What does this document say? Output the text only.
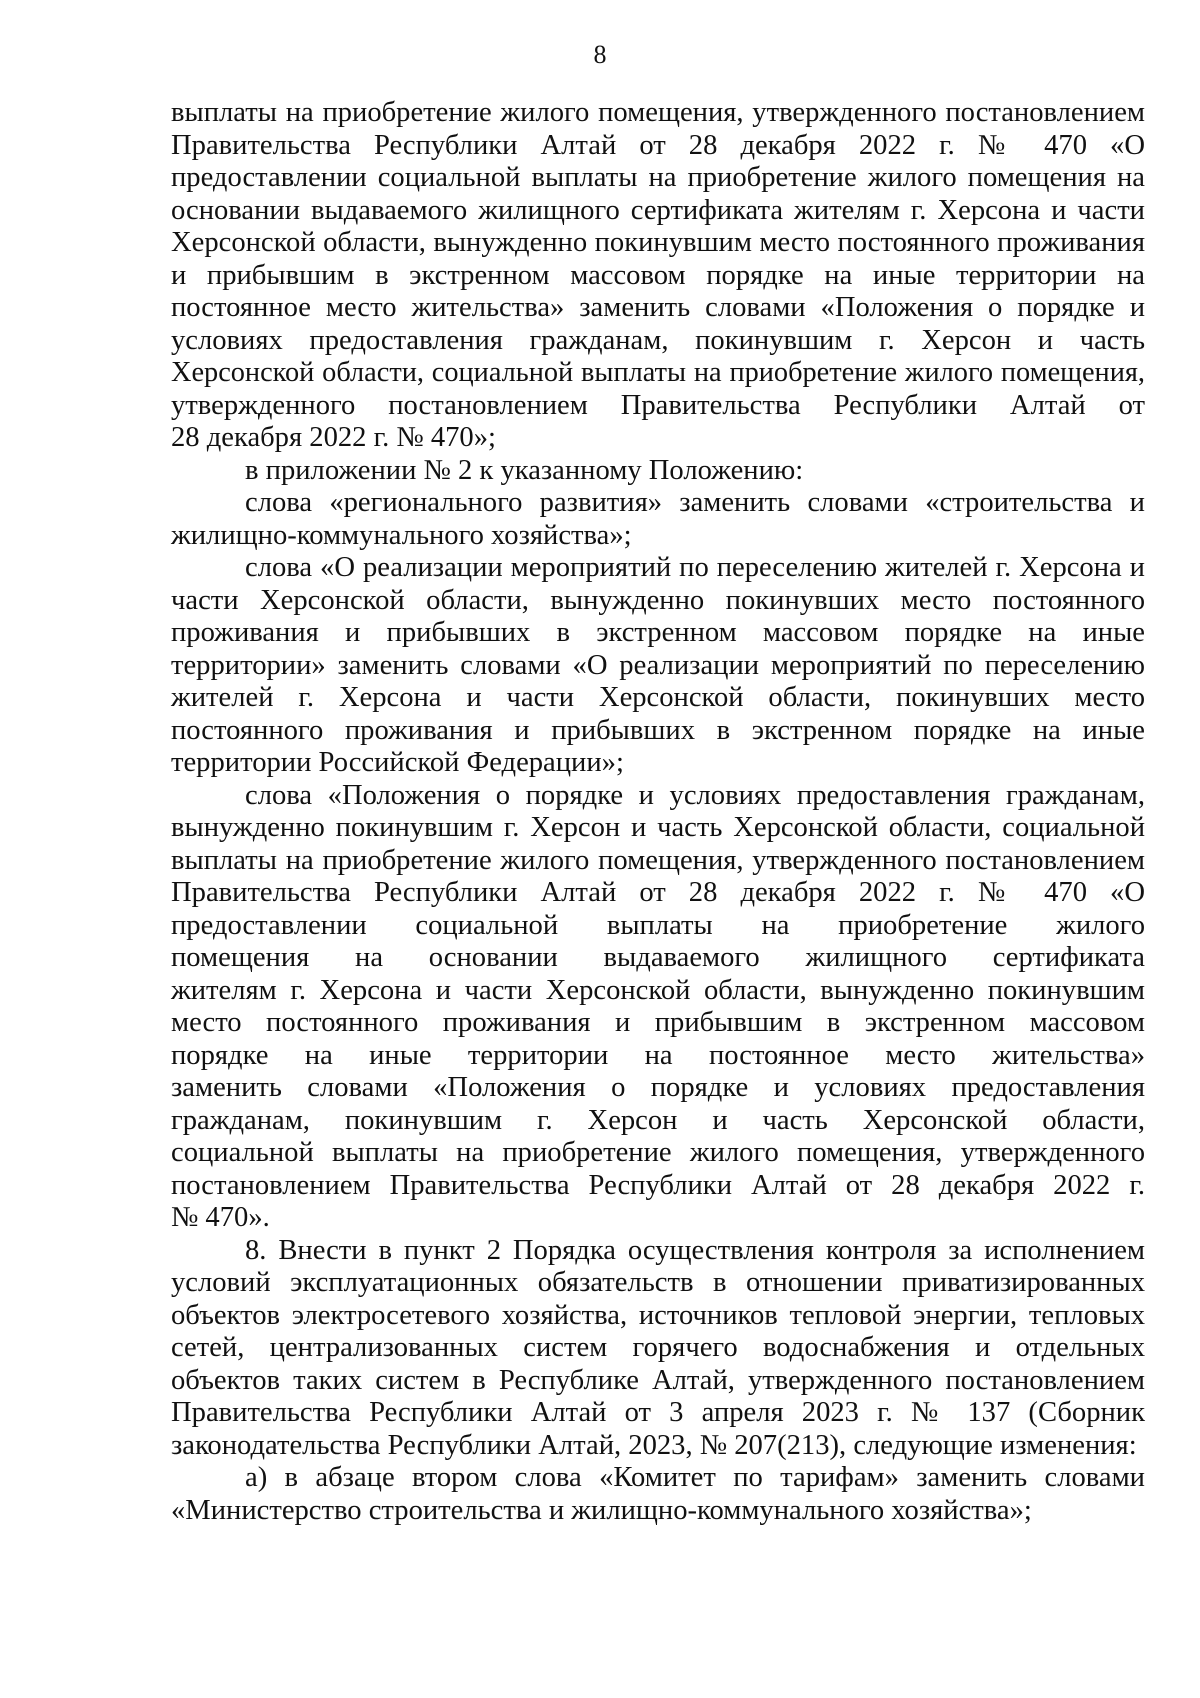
8
выплаты на приобретение жилого помещения, утвержденного постановлением
Правительства Республики Алтай от 28 декабря 2022 г. № 470 «О
предоставлении социальной выплаты на приобретение жилого помещения на
основании выдаваемого жилищного сертификата жителям г. Херсона и части
Херсонской области, вынужденно покинувшим место постоянного проживания
и прибывшим в экстренном массовом порядке на иные территории на
постоянное место жительства» заменить словами «Положения о порядке и
условиях предоставления гражданам, покинувшим г. Херсон и часть
Херсонской области, социальной выплаты на приобретение жилого помещения,
утвержденного постановлением Правительства Республики Алтай от
28 декабря 2022 г. № 470»;
в приложении № 2 к указанному Положению:
слова «регионального развития» заменить словами «строительства и
жилищно-коммунального хозяйства»;
слова «О реализации мероприятий по переселению жителей г. Херсона и
части Херсонской области, вынужденно покинувших место постоянного
проживания и прибывших в экстренном массовом порядке на иные
территории» заменить словами «О реализации мероприятий по переселению
жителей г. Херсона и части Херсонской области, покинувших место
постоянного проживания и прибывших в экстренном порядке на иные
территории Российской Федерации»;
слова «Положения о порядке и условиях предоставления гражданам,
вынужденно покинувшим г. Херсон и часть Херсонской области, социальной
выплаты на приобретение жилого помещения, утвержденного постановлением
Правительства Республики Алтай от 28 декабря 2022 г. № 470 «О
предоставлении социальной выплаты на приобретение жилого
помещения на основании выдаваемого жилищного сертификата
жителям г. Херсона и части Херсонской области, вынужденно покинувшим
место постоянного проживания и прибывшим в экстренном массовом
порядке на иные территории на постоянное место жительства»
заменить словами «Положения о порядке и условиях предоставления
гражданам, покинувшим г. Херсон и часть Херсонской области,
социальной выплаты на приобретение жилого помещения, утвержденного
постановлением Правительства Республики Алтай от 28 декабря 2022 г.
№ 470».
8. Внести в пункт 2 Порядка осуществления контроля за исполнением
условий эксплуатационных обязательств в отношении приватизированных
объектов электросетевого хозяйства, источников тепловой энергии, тепловых
сетей, централизованных систем горячего водоснабжения и отдельных
объектов таких систем в Республике Алтай, утвержденного постановлением
Правительства Республики Алтай от 3 апреля 2023 г. № 137 (Сборник
законодательства Республики Алтай, 2023, № 207(213), следующие изменения:
а) в абзаце втором слова «Комитет по тарифам» заменить словами
«Министерство строительства и жилищно-коммунального хозяйства»;
